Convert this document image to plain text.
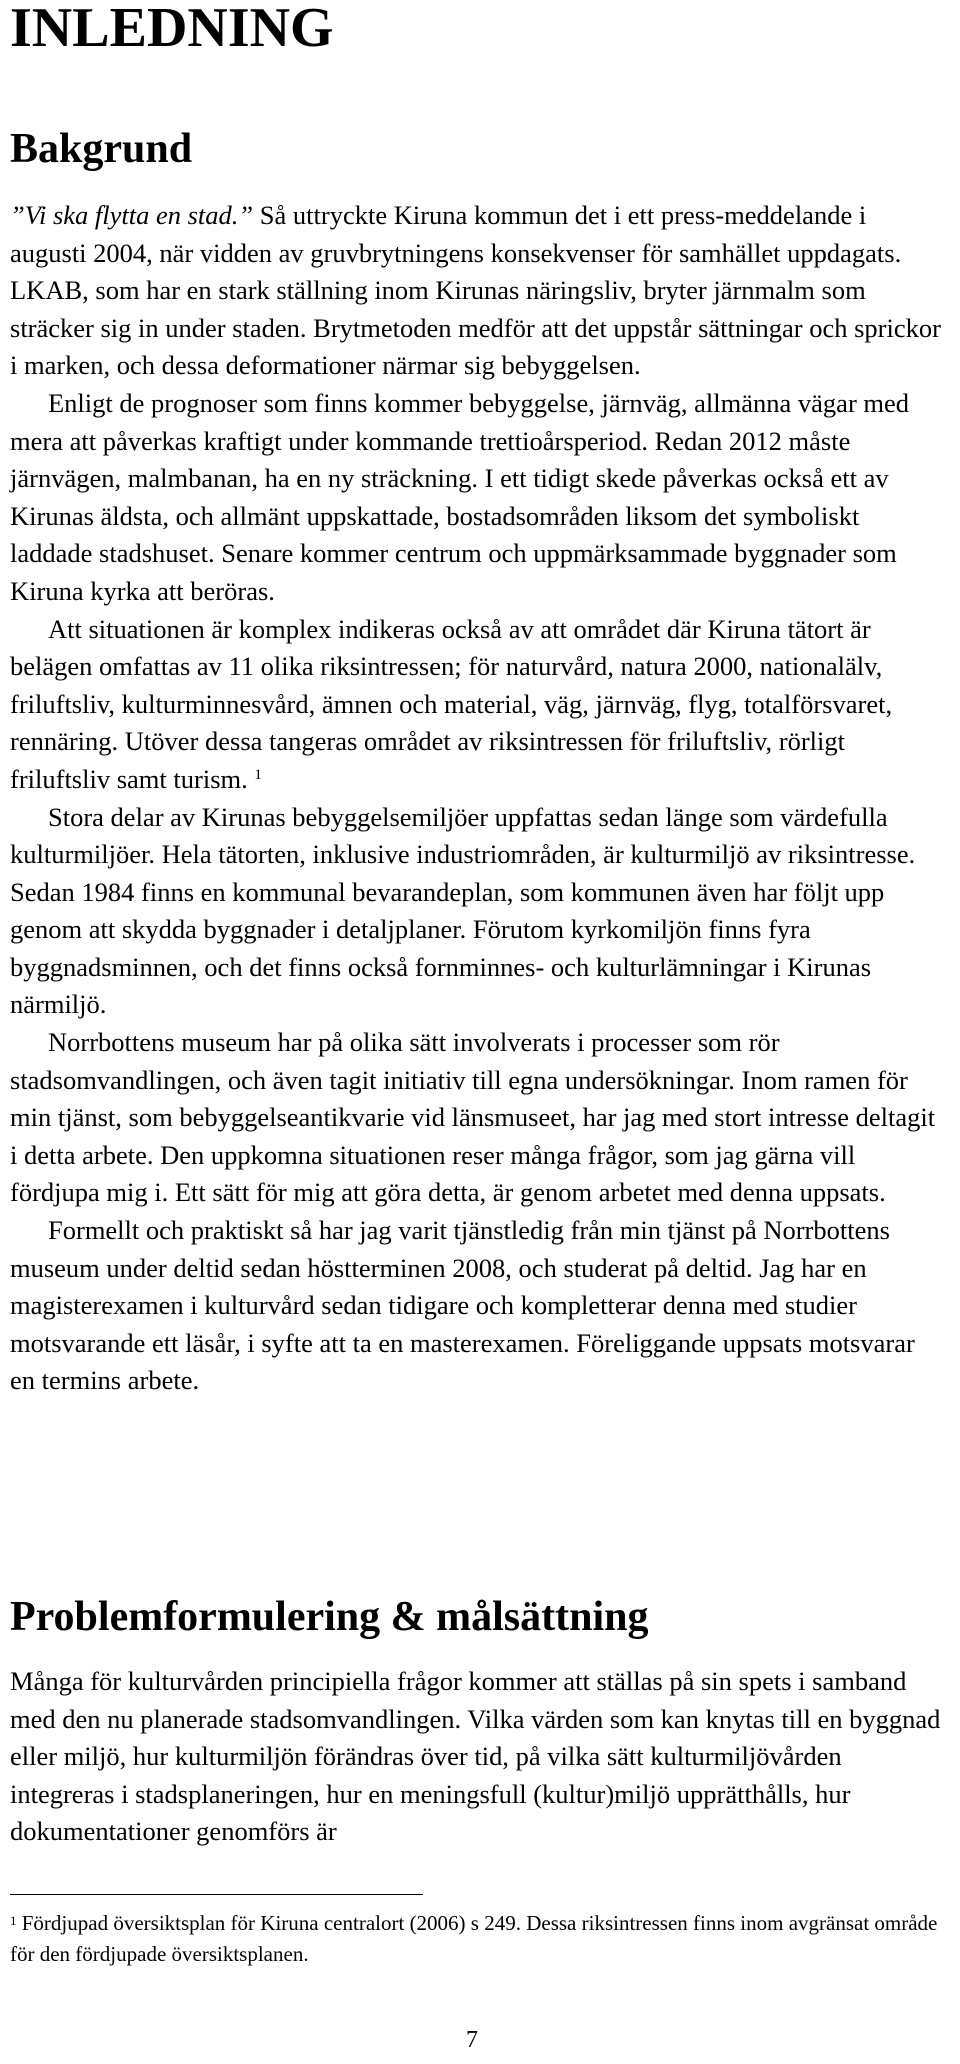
INLEDNING
Bakgrund

”Vi ska flytta en stad.” Så uttryckte Kiruna kommun det i ett press-meddelande i augusti 2004, när vidden av gruvbrytningens konsekvenser för samhället uppdagats. LKAB, som har en stark ställning inom Kirunas näringsliv, bryter järnmalm som sträcker sig in under staden. Brytmetoden medför att det uppstår sättningar och sprickor i marken, och dessa deformationer närmar sig bebyggelsen.

Enligt de prognoser som finns kommer bebyggelse, järnväg, allmänna vägar med mera att påverkas kraftigt under kommande trettioårsperiod. Redan 2012 måste järnvägen, malmbanan, ha en ny sträckning. I ett tidigt skede påverkas också ett av Kirunas äldsta, och allmänt uppskattade, bostadsområden liksom det symboliskt laddade stadshuset. Senare kommer centrum och uppmärksammade byggnader som Kiruna kyrka att beröras.

Att situationen är komplex indikeras också av att området där Kiruna tätort är belägen omfattas av 11 olika riksintressen; för naturvård, natura 2000, nationalälv, friluftsliv, kulturminnesvård, ämnen och material, väg, järnväg, flyg, totalförsvaret, rennäring. Utöver dessa tangeras området av riksintressen för friluftsliv, rörligt friluftsliv samt turism. $^1$

Stora delar av Kirunas bebyggelsemiljöer uppfattas sedan länge som värdefulla kulturmiljöer. Hela tätorten, inklusive industriområden, är kulturmiljö av riksintresse. Sedan 1984 finns en kommunal bevarandeplan, som kommunen även har följt upp genom att skydda byggnader i detaljplaner. Förutom kyrkomiljön finns fyra byggnadsminnen, och det finns också fornminnes- och kulturlämningar i Kirunas närmiljö.

Norrbottens museum har på olika sätt involverats i processer som rör stadsomvandlingen, och även tagit initiativ till egna undersökningar. Inom ramen för min tjänst, som bebyggelseantikvarie vid länsmuseet, har jag med stort intresse deltagit i detta arbete. Den uppkomna situationen reser många frågor, som jag gärna vill fördjupa mig i. Ett sätt för mig att göra detta, är genom arbetet med denna uppsats.

Formellt och praktiskt så har jag varit tjänstledig från min tjänst på Norrbottens museum under deltid sedan höstterminen 2008, och studerat på deltid. Jag har en magisterexamen i kulturvård sedan tidigare och kompletterar denna med studier motsvarande ett läsår, i syfte att ta en masterexamen. Föreliggande uppsats motsvarar en termins arbete.

Problemformulering & målsättning

Många för kulturvården principiella frågor kommer att ställas på sin spets i samband med den nu planerade stadsomvandlingen. Vilka värden som kan knytas till en byggnad eller miljö, hur kulturmiljön förändras över tid, på vilka sätt kulturmiljövården integreras i stadsplaneringen, hur en meningsfull (kultur)miljö upprätthålls, hur dokumentationer genomförs är

$^1$ Fördjupad översiktsplan för Kiruna centralort (2006) s 249. Dessa riksintressen finns inom avgränsat område för den fördjupade översiktsplanen.
7
